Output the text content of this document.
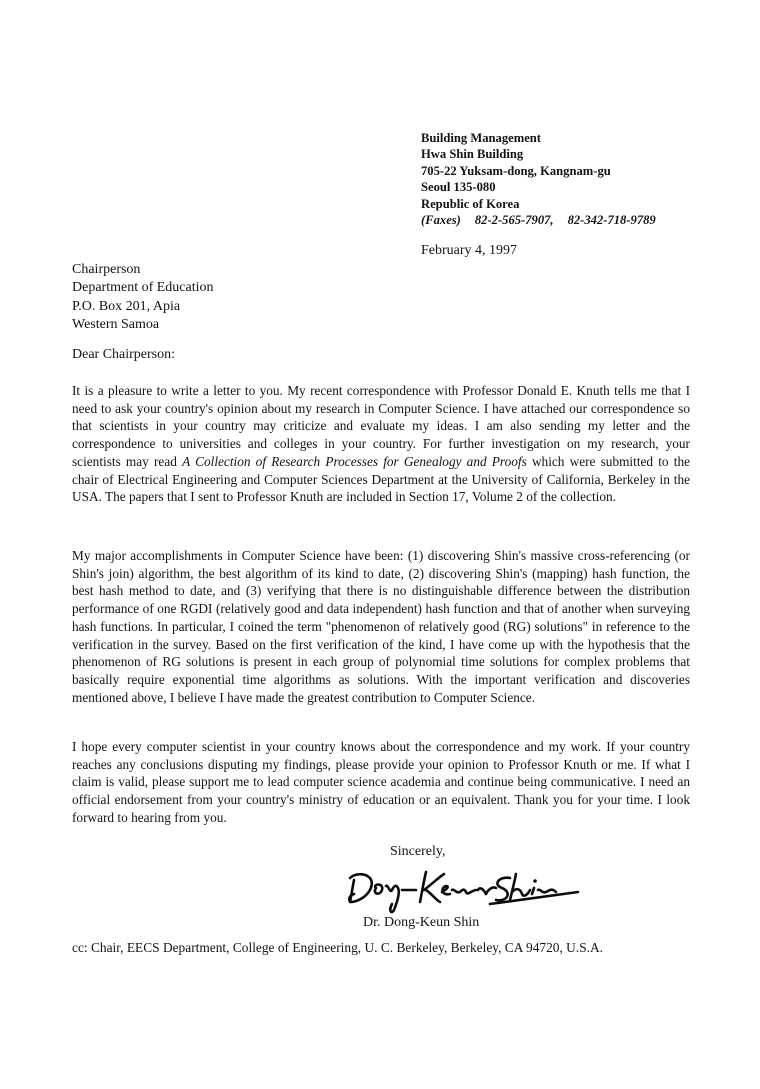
Building Management
Hwa Shin Building
705-22 Yuksam-dong, Kangnam-gu
Seoul 135-080
Republic of Korea
(Faxes) 82-2-565-7907, 82-342-718-9789
February 4, 1997
Chairperson
Department of Education
P.O. Box 201, Apia
Western Samoa
Dear Chairperson:
It is a pleasure to write a letter to you. My recent correspondence with Professor Donald E. Knuth tells me that I need to ask your country's opinion about my research in Computer Science. I have attached our correspondence so that scientists in your country may criticize and evaluate my ideas. I am also sending my letter and the correspondence to universities and colleges in your country. For further investigation on my research, your scientists may read A Collection of Research Processes for Genealogy and Proofs which were submitted to the chair of Electrical Engineering and Computer Sciences Department at the University of California, Berkeley in the USA. The papers that I sent to Professor Knuth are included in Section 17, Volume 2 of the collection.
My major accomplishments in Computer Science have been: (1) discovering Shin's massive cross-referencing (or Shin's join) algorithm, the best algorithm of its kind to date, (2) discovering Shin's (mapping) hash function, the best hash method to date, and (3) verifying that there is no distinguishable difference between the distribution performance of one RGDI (relatively good and data independent) hash function and that of another when surveying hash functions. In particular, I coined the term "phenomenon of relatively good (RG) solutions" in reference to the verification in the survey. Based on the first verification of the kind, I have come up with the hypothesis that the phenomenon of RG solutions is present in each group of polynomial time solutions for complex problems that basically require exponential time algorithms as solutions. With the important verification and discoveries mentioned above, I believe I have made the greatest contribution to Computer Science.
I hope every computer scientist in your country knows about the correspondence and my work. If your country reaches any conclusions disputing my findings, please provide your opinion to Professor Knuth or me. If what I claim is valid, please support me to lead computer science academia and continue being communicative. I need an official endorsement from your country's ministry of education or an equivalent. Thank you for your time. I look forward to hearing from you.
Sincerely,
Dr. Dong-Keun Shin
cc: Chair, EECS Department, College of Engineering, U. C. Berkeley, Berkeley, CA 94720, U.S.A.
